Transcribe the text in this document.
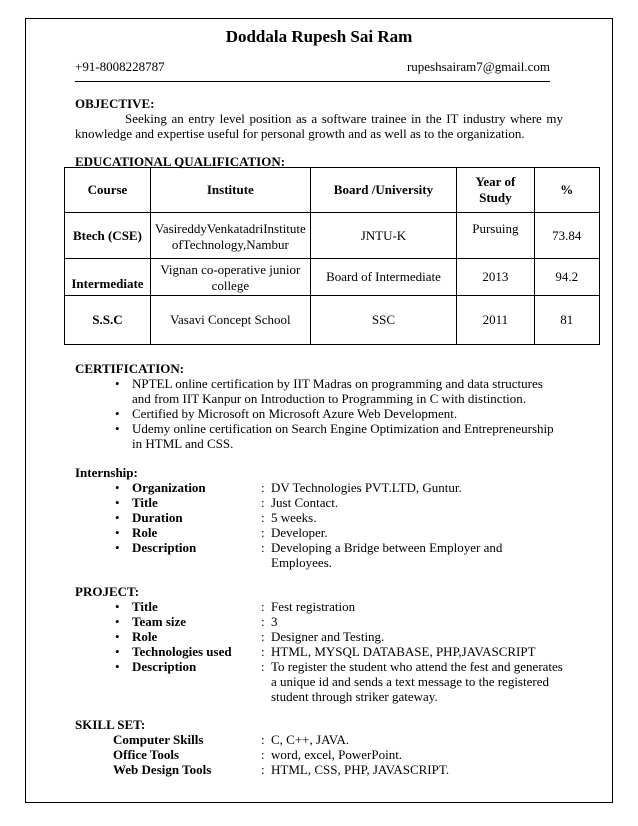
Doddala Rupesh Sai Ram
+91-8008228787	rupeshsairam7@gmail.com
OBJECTIVE:
Seeking an entry level position as a software trainee in the IT industry where my knowledge and expertise useful for personal growth and as well as to the organization.
EDUCATIONAL QUALIFICATION:
Course	Institute	Board /University	Year of Study	%
Btech (CSE)	VasireddyVenkatadriInstitute ofTechnology,Nambur	JNTU-K	Pursuing	73.84
Intermediate	Vignan co-operative junior college	Board of Intermediate	2013	94.2
S.S.C	Vasavi Concept School	SSC	2011	81
CERTIFICATION:
• NPTEL online certification by IIT Madras on programming and data structures and from IIT Kanpur on Introduction to Programming in C with distinction.
• Certified by Microsoft on Microsoft Azure Web Development.
• Udemy online certification on Search Engine Optimization and Entrepreneurship in HTML and CSS.
Internship:
• Organization	: DV Technologies PVT.LTD, Guntur.
• Title	: Just Contact.
• Duration	: 5 weeks.
• Role	: Developer.
• Description	: Developing a Bridge between Employer and Employees.
PROJECT:
• Title	: Fest registration
• Team size	: 3
• Role	: Designer and Testing.
• Technologies used	: HTML, MYSQL DATABASE, PHP,JAVASCRIPT
• Description	: To register the student who attend the fest and generates a unique id and sends a text message to the registered student through striker gateway.
SKILL SET:
Computer Skills	: C, C++, JAVA.
Office Tools	: word, excel, PowerPoint.
Web Design Tools	: HTML, CSS, PHP, JAVASCRIPT.
